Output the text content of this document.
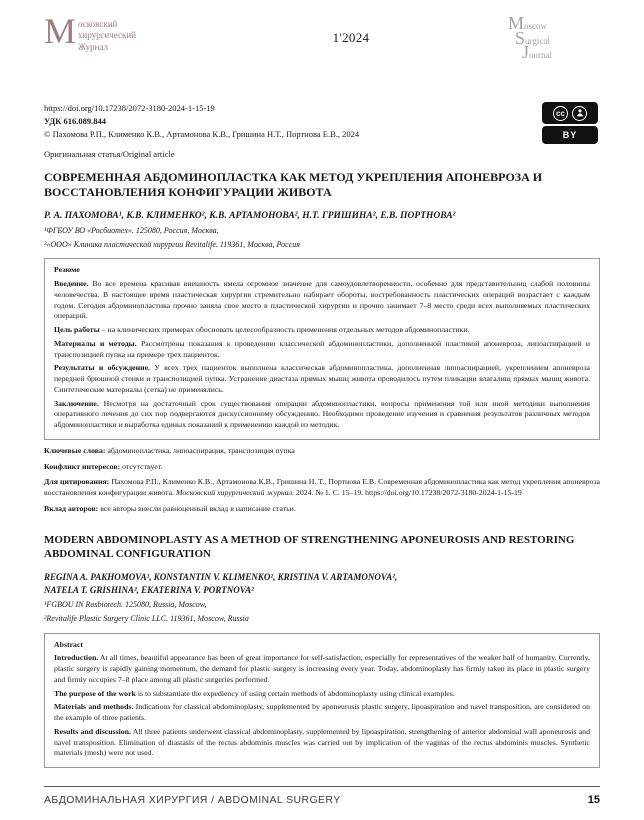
М осковский
хирургический
Журнал
1'2024
Moscow
Surgical
Journal

https://doi.org/10.17238/2072-3180-2024-1-15-19

УДК 616.089.844

© Пахомова Р.П., Клименко К.В., Артамонова К.В., Гришина Н.Т., Портнова Е.В., 2024

Оригинальная статья/Original article

cc
BY
СОВРЕМЕННАЯ АБДОМИНОПЛАСТКА КАК МЕТОД УКРЕПЛЕНИЯ АПОНЕВРОЗА И ВОССТАНОВЛЕНИЯ КОНФИГУРАЦИИ ЖИВОТА

Р. А. ПАХОМОВА¹, К.В. КЛИМЕНКО², К.В. АРТАМОНОВА², Н.Т. ГРИШИНА², Е.В. ПОРТНОВА²

¹ФГБОУ ВО «Росбиотех». 125080, Россия, Москва,

²«ООО» Клиника пластической хирургии Revitalife. 119361, Москва, Россия

Резюме

Введение. Во все времена красивая внешность имела огромное значение для самоудовлетворенности, особенно для представительниц слабой половины человечества. В настоящее время пластическая хирургия стремительно набирает обороты, востребованность пластических операций возрастает с каждым годом. Сегодня абдоминопластика прочно заняла свое место в пластической хирургии и прочно занимает 7–8 место среди всех выполняемых пластических операций.

Цель работы – на клинических примерах обосновать целесообразность применения отдельных методов абдоминопластики.

Материалы и методы. Рассмотрены показания к проведению классической абдоминопластики, дополненной пластикой апоневроза, липоаспирацией и транспозицией пупка на примере трех пациенток.

Результаты и обсуждение. У всех трех пациенток выполнена классическая абдоминопластика, дополненная липоаспирацией, укреплением апоневроза передней брюшной стенки и транспозицией пупка. Устранение диастаза прямых мышц живота проводилось путем пликации влагалищ прямых мышц живота. Синтетические материалы (сетка) не применялись.

Заключение. Несмотря на достаточный срок существования операции абдоминопластики, вопросы применения той или иной методики выполнения оперативного лечения до сих пор подвергаются дискуссионному обсуждению. Необходимо проведение изучения и сравнения результатов различных методов абдоминопластики и выработка единых показаний к применению каждой из методик.

Ключевые слова: абдоминопластика, липоаспирация, транспозиция пупка

Конфликт интересов: отсутствует.

Для цитирования: Пахомова Р.П., Клименко К.В., Артамонова К.В., Гришина Н. Т., Портнова Е.В. Современная абдоминопластика как метод укрепления апоневроза восстановления конфигурации живота. Московский хирургический журнал. 2024. № 1. С. 15–19. https://doi.org/10.17238/2072-3180-2024-1-15-19

Вклад авторов: все авторы внесли равноценный вклад в написание статьи.

MODERN ABDOMINOPLASTY AS A METHOD OF STRENGTHENING APONEUROSIS AND RESTORING ABDOMINAL CONFIGURATION

REGINA A. PAKHOMOVA¹, KONSTANTIN V. KLIMENKO², KRISTINA V. ARTAMONOVA²,
NATELA T. GRISHINA², EKATERINA V. PORTNOVA²

¹FGBOU IN Rosbiotech. 125080, Russia, Moscow,

²Revitalife Plastic Surgery Clinic LLC. 119361, Moscow, Russia

Abstract

Introduction. At all times, beautiful appearance has been of great importance for self-satisfaction, especially for representatives of the weaker half of humanity. Currently, plastic surgery is rapidly gaining momentum, the demand for plastic surgery is increasing every year. Today, abdominoplasty has firmly taken its place in plastic surgery and firmly occupies 7–8 place among all plastic surgeries performed.

The purpose of the work is to substantiate the expediency of using certain methods of abdominoplasty using clinical examples.

Materials and methods. Indications for classical abdominoplasty, supplemented by aponeurosis plastic surgery, lipoaspiration and navel transposition, are considered on the example of three patients.

Results and discussion. All three patients underwent classical abdominoplasty, supplemented by lipoaspiration, strengthening of anterior abdominal wall aponeurosis and navel transposition. Elimination of diastasis of the rectus abdominis muscles was carried out by implication of the vaginas of the rectus abdominis muscles. Synthetic materials (mesh) were not used.

АБДОМИНАЛЬНАЯ ХИРУРГИЯ / ABDOMINAL SURGERY	15
